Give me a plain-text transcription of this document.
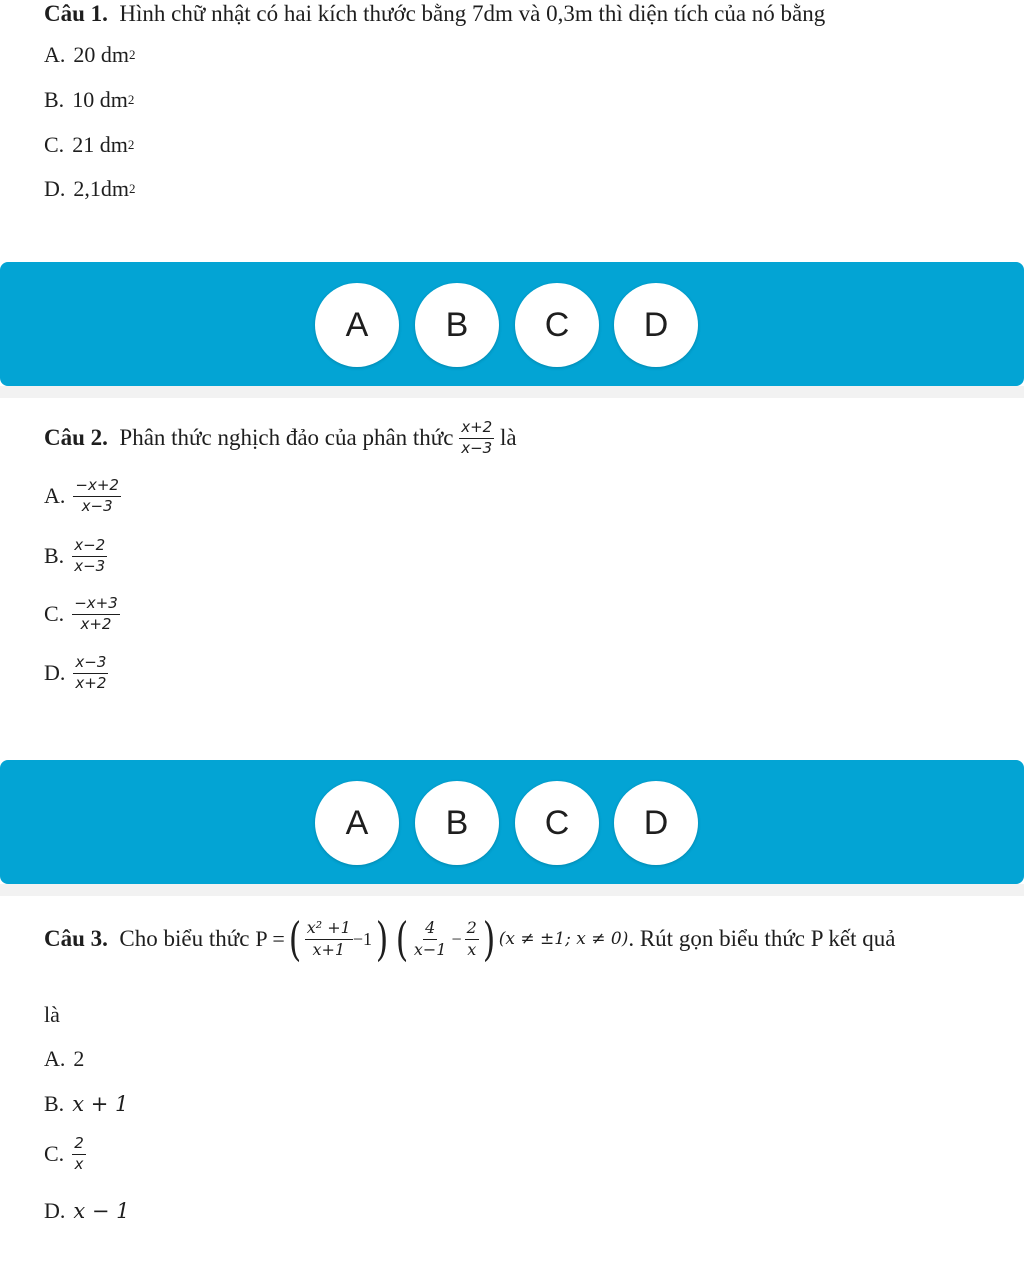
Câu 1. Hình chữ nhật có hai kích thước bằng 7dm và 0,3m thì diện tích của nó bằng
A. 20 dm 2
B. 10 dm 2
C. 21 dm 2
D. 2,1dm 2
A	B	C	D
Câu 2.
Phân thức nghịch đảo của phân thức
$\frac{x+2}{x-3}$
là
A. $\frac{-x+2}{x-3}$
B. $\frac{x-2}{x-3}$
C. $\frac{-x+3}{x+2}$
D. $\frac{x-3}{x+2}$
A	B	C	D
Câu 3.
Cho biểu thức P = ( $\frac{\text{x² +1}}{x+1} -1$ ) ( $\frac{4}{x-1} - \frac{2}{x}$ ) (x ≠ ±1; x ≠ 0) . Rút gọn biểu thức P kết quả
là
A. 2
B. x + 1
C. $\frac{2}{x}$
D. x − 1
